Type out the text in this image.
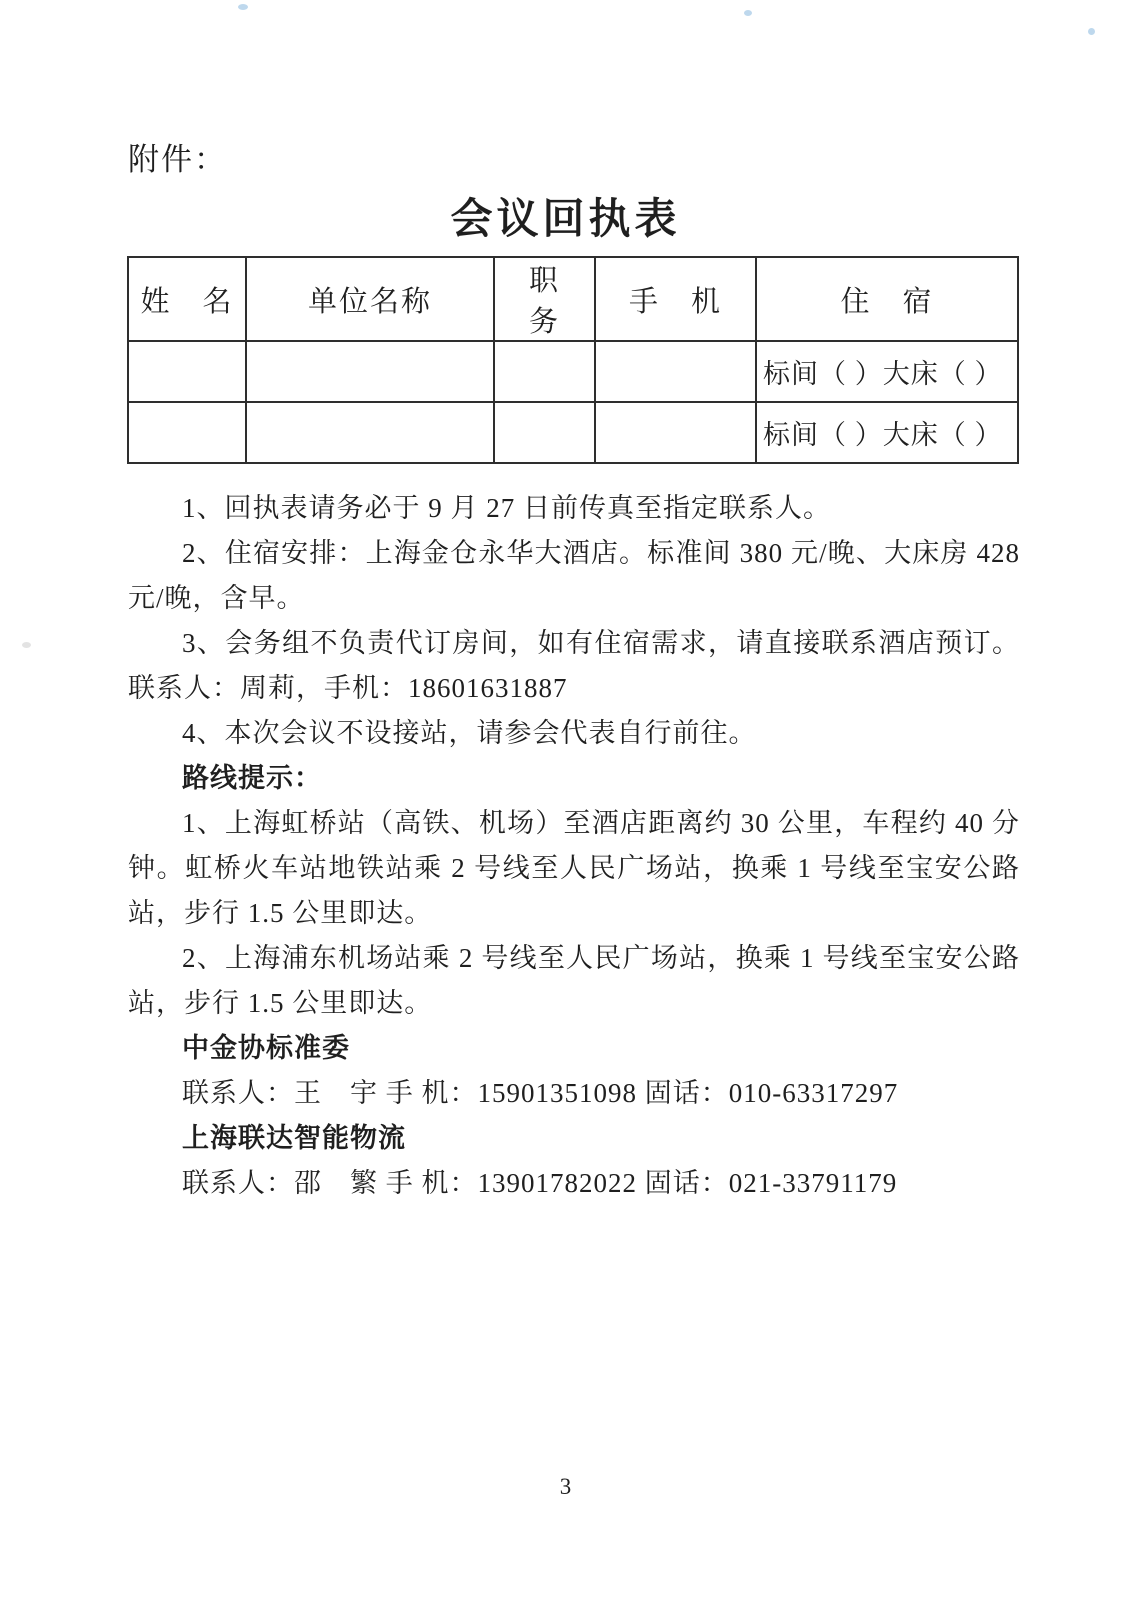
附件：
会议回执表
姓　名	单位名称	职　务	手　机	住　宿
				标间（ ）大床（ ）
				标间（ ）大床（ ）

1、回执表请务必于 9 月 27 日前传真至指定联系人。

2、住宿安排：上海金仓永华大酒店。标准间 380 元/晚、大床房 428 元/晚，含早。

3、会务组不负责代订房间，如有住宿需求，请直接联系酒店预订。联系人：周莉，手机：18601631887

4、本次会议不设接站，请参会代表自行前往。

路线提示：

1、上海虹桥站（高铁、机场）至酒店距离约 30 公里，车程约 40 分钟。虹桥火车站地铁站乘 2 号线至人民广场站，换乘 1 号线至宝安公路站，步行 1.5 公里即达。

2、上海浦东机场站乘 2 号线至人民广场站，换乘 1 号线至宝安公路站，步行 1.5 公里即达。

中金协标准委

联系人：王　宇 手 机：15901351098 固话：010-63317297

上海联达智能物流

联系人：邵　繁 手 机：13901782022 固话：021-33791179

3
